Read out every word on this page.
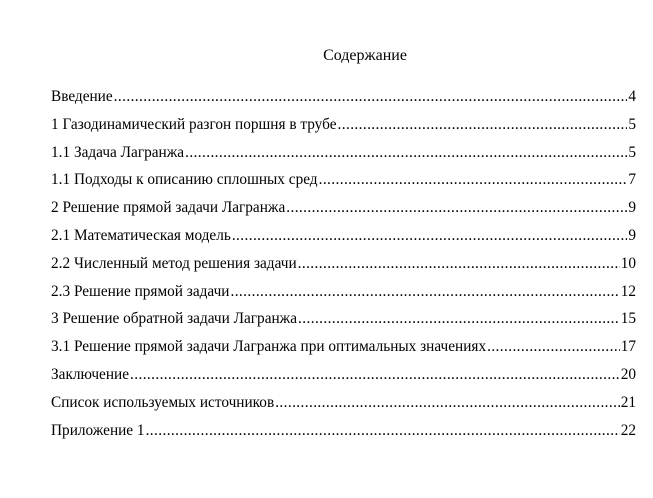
Содержание
Введение .....	4
1 Газодинамический разгон поршня в трубе .....	5
1.1 Задача Лагранжа .....	5
1.1 Подходы к описанию сплошных сред .....	7
2 Решение прямой задачи Лагранжа .....	9
2.1 Математическая модель .....	9
2.2 Численный метод решения задачи .....	10
2.3 Решение прямой задачи .....	12
3 Решение обратной задачи Лагранжа .....	15
3.1 Решение прямой задачи Лагранжа при оптимальных значениях .....	17
Заключение .....	20
Список используемых источников .....	21
Приложение 1 .....	22
